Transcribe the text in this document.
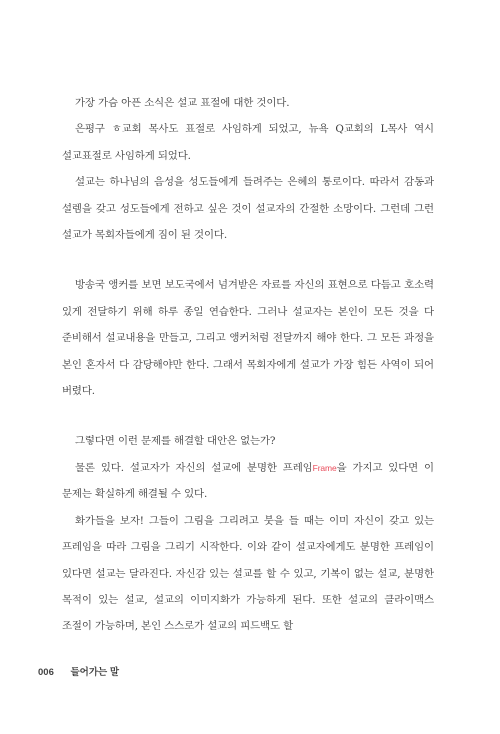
가장 가슴 아픈 소식은 설교 표절에 대한 것이다.

은평구 ㅎ교회 목사도 표절로 사임하게 되었고, 뉴욕 Q교회의 L목사 역시 설교표절로 사임하게 되었다.

설교는 하나님의 음성을 성도들에게 들려주는 은혜의 통로이다. 따라서 감동과 설렘을 갖고 성도들에게 전하고 싶은 것이 설교자의 간절한 소망이다. 그런데 그런 설교가 목회자들에게 짐이 된 것이다.

방송국 앵커를 보면 보도국에서 넘겨받은 자료를 자신의 표현으로 다듬고 호소력 있게 전달하기 위해 하루 종일 연습한다. 그러나 설교자는 본인이 모든 것을 다 준비해서 설교내용을 만들고, 그리고 앵커처럼 전달까지 해야 한다. 그 모든 과정을 본인 혼자서 다 감당해야만 한다. 그래서 목회자에게 설교가 가장 힘든 사역이 되어 버렸다.

그렇다면 이런 문제를 해결할 대안은 없는가?

물론 있다. 설교자가 자신의 설교에 분명한 프레임Frame을 가지고 있다면 이 문제는 확실하게 해결될 수 있다.

화가들을 보자! 그들이 그림을 그리려고 붓을 들 때는 이미 자신이 갖고 있는 프레임을 따라 그림을 그리기 시작한다. 이와 같이 설교자에게도 분명한 프레임이 있다면 설교는 달라진다. 자신감 있는 설교를 할 수 있고, 기복이 없는 설교, 분명한 목적이 있는 설교, 설교의 이미지화가 가능하게 된다. 또한 설교의 클라이맥스 조절이 가능하며, 본인 스스로가 설교의 피드백도 할

006 들어가는 말
